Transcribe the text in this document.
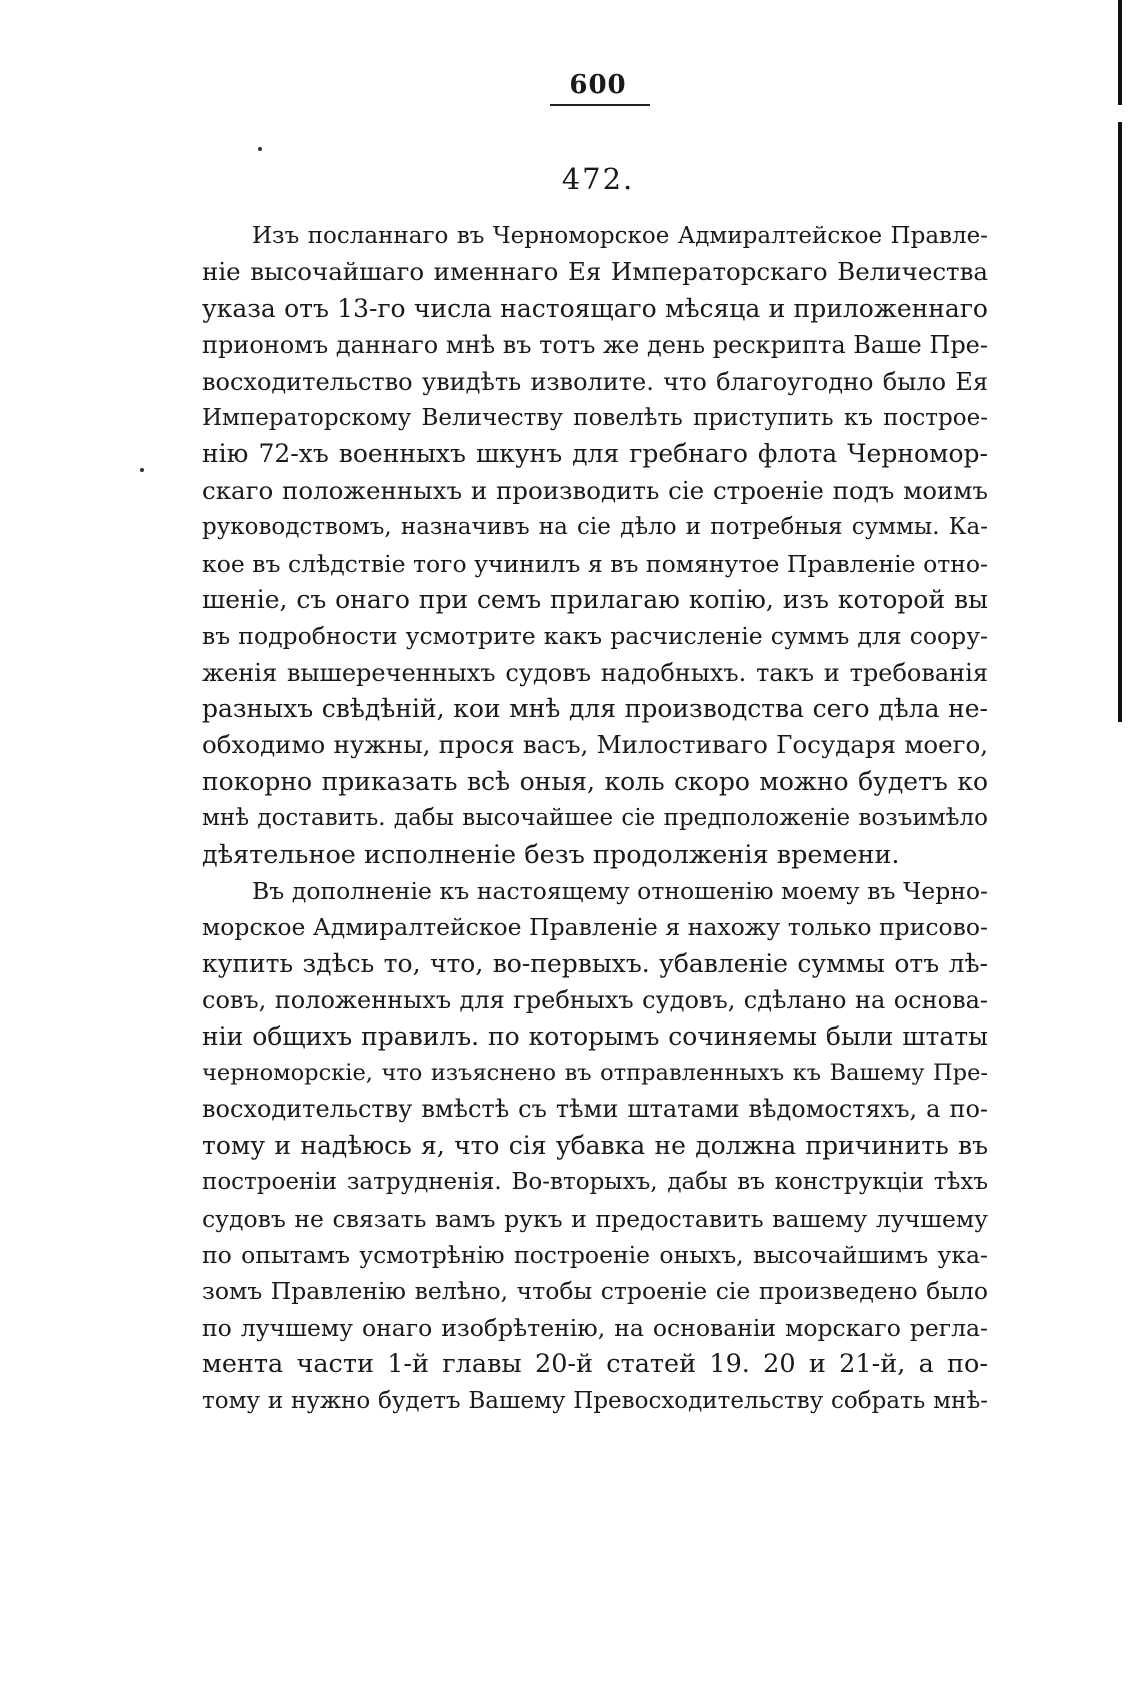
600
472.
Изъ посланнаго въ Черноморское Адмиралтейское Правле-
ніе высочайшаго именнаго Ея Императорскаго Величества
указа отъ 13-го числа настоящаго мѣсяца и приложеннаго
приономъ даннаго мнѣ въ тотъ же день рескрипта Ваше Пре-
восходительство увидѣть изволите. что благоугодно было Ея
Императорскому Величеству повелѣть приступить къ построе-
нію 72-хъ военныхъ шкунъ для гребнаго флота Черномор-
скаго положенныхъ и производить сіе строеніе подъ моимъ
руководствомъ, назначивъ на сіе дѣло и потребныя суммы. Ка-
кое въ слѣдствіе того учинилъ я въ помянутое Правленіе отно-
шеніе, съ онаго при семъ прилагаю копію, изъ которой вы
въ подробности усмотрите какъ расчисленіе суммъ для соору-
женія вышереченныхъ судовъ надобныхъ. такъ и требованія
разныхъ свѣдѣній, кои мнѣ для производства сего дѣла не-
обходимо нужны, прося васъ, Милостиваго Государя моего,
покорно приказать всѣ оныя, коль скоро можно будетъ ко
мнѣ доставить. дабы высочайшее сіе предположеніе возъимѣло
дѣятельное исполненіе безъ продолженія времени.
Въ дополненіе къ настоящему отношенію моему въ Черно-
морское Адмиралтейское Правленіе я нахожу только присово-
купить здѣсь то, что, во-первыхъ. убавленіе суммы отъ лѣ-
совъ, положенныхъ для гребныхъ судовъ, сдѣлано на основа-
ніи общихъ правилъ. по которымъ сочиняемы были штаты
черноморскіе, что изъяснено въ отправленныхъ къ Вашему Пре-
восходительству вмѣстѣ съ тѣми штатами вѣдомостяхъ, а по-
тому и надѣюсь я, что сія убавка не должна причинить въ
построеніи затрудненія. Во-вторыхъ, дабы въ конструкціи тѣхъ
судовъ не связать вамъ рукъ и предоставить вашему лучшему
по опытамъ усмотрѣнію построеніе оныхъ, высочайшимъ ука-
зомъ Правленію велѣно, чтобы строеніе сіе произведено было
по лучшему онаго изобрѣтенію, на основаніи морскаго регла-
мента части 1-й главы 20-й статей 19. 20 и 21-й, а по-
тому и нужно будетъ Вашему Превосходительству собрать мнѣ-
